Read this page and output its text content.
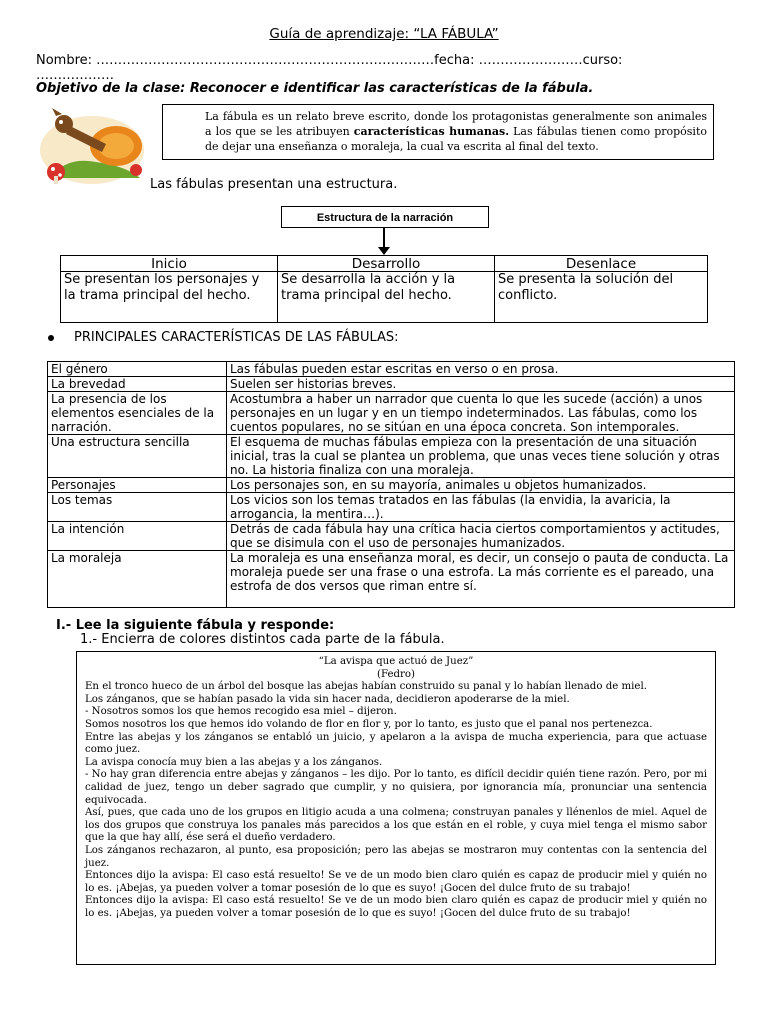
Guía de aprendizaje: “LA FÁBULA”
Nombre: ……………………………………………………………………fecha: ……………………curso:
………………
Objetivo de la clase: Reconocer e identificar las características de la fábula.
La fábula es un relato breve escrito, donde los protagonistas generalmente son animales a los que se les atribuyen características humanas. Las fábulas tienen como propósito de dejar una enseñanza o moraleja, la cual va escrita al final del texto.
Las fábulas presentan una estructura.
Estructura de la narración
Inicio	Desarrollo	Desenlace
Se presentan los personajes y la trama principal del hecho.	Se desarrolla la acción y la trama principal del hecho.	Se presenta la solución del conflicto.
PRINCIPALES CARACTERÍSTICAS DE LAS FÁBULAS:
El género	Las fábulas pueden estar escritas en verso o en prosa.
La brevedad	Suelen ser historias breves.
La presencia de los elementos esenciales de la narración.	Acostumbra a haber un narrador que cuenta lo que les sucede (acción) a unos personajes en un lugar y en un tiempo indeterminados. Las fábulas, como los cuentos populares, no se sitúan en una época concreta. Son intemporales.
Una estructura sencilla	El esquema de muchas fábulas empieza con la presentación de una situación inicial, tras la cual se plantea un problema, que unas veces tiene solución y otras no. La historia finaliza con una moraleja.
Personajes	Los personajes son, en su mayoría, animales u objetos humanizados.
Los temas	Los vicios son los temas tratados en las fábulas (la envidia, la avaricia, la arrogancia, la mentira…).
La intención	Detrás de cada fábula hay una crítica hacia ciertos comportamientos y actitudes, que se disimula con el uso de personajes humanizados.
La moraleja	La moraleja es una enseñanza moral, es decir, un consejo o pauta de conducta. La moraleja puede ser una frase o una estrofa. La más corriente es el pareado, una estrofa de dos versos que riman entre sí.
I.- Lee la siguiente fábula y responde:
1.- Encierra de colores distintos cada parte de la fábula.

“La avispa que actuó de Juez”

(Fedro)

En el tronco hueco de un árbol del bosque las abejas habían construido su panal y lo habían llenado de miel.

Los zánganos, que se habían pasado la vida sin hacer nada, decidieron apoderarse de la miel.

- Nosotros somos los que hemos recogido esa miel – dijeron.

Somos nosotros los que hemos ido volando de flor en flor y, por lo tanto, es justo que el panal nos pertenezca.

Entre las abejas y los zánganos se entabló un juicio, y apelaron a la avispa de mucha experiencia, para que actuase como juez.

La avispa conocía muy bien a las abejas y a los zánganos.

- No hay gran diferencia entre abejas y zánganos – les dijo. Por lo tanto, es difícil decidir quién tiene razón. Pero, por mi calidad de juez, tengo un deber sagrado que cumplir, y no quisiera, por ignorancia mía, pronunciar una sentencia equivocada.

Así, pues, que cada uno de los grupos en litigio acuda a una colmena; construyan panales y llénenlos de miel. Aquel de los dos grupos que construya los panales más parecidos a los que están en el roble, y cuya miel tenga el mismo sabor que la que hay allí, ése será el dueño verdadero.

Los zánganos rechazaron, al punto, esa proposición; pero las abejas se mostraron muy contentas con la sentencia del juez.

Entonces dijo la avispa: El caso está resuelto! Se ve de un modo bien claro quién es capaz de producir miel y quién no lo es. ¡Abejas, ya pueden volver a tomar posesión de lo que es suyo! ¡Gocen del dulce fruto de su trabajo!

Entonces dijo la avispa: El caso está resuelto! Se ve de un modo bien claro quién es capaz de producir miel y quién no lo es. ¡Abejas, ya pueden volver a tomar posesión de lo que es suyo! ¡Gocen del dulce fruto de su trabajo!
